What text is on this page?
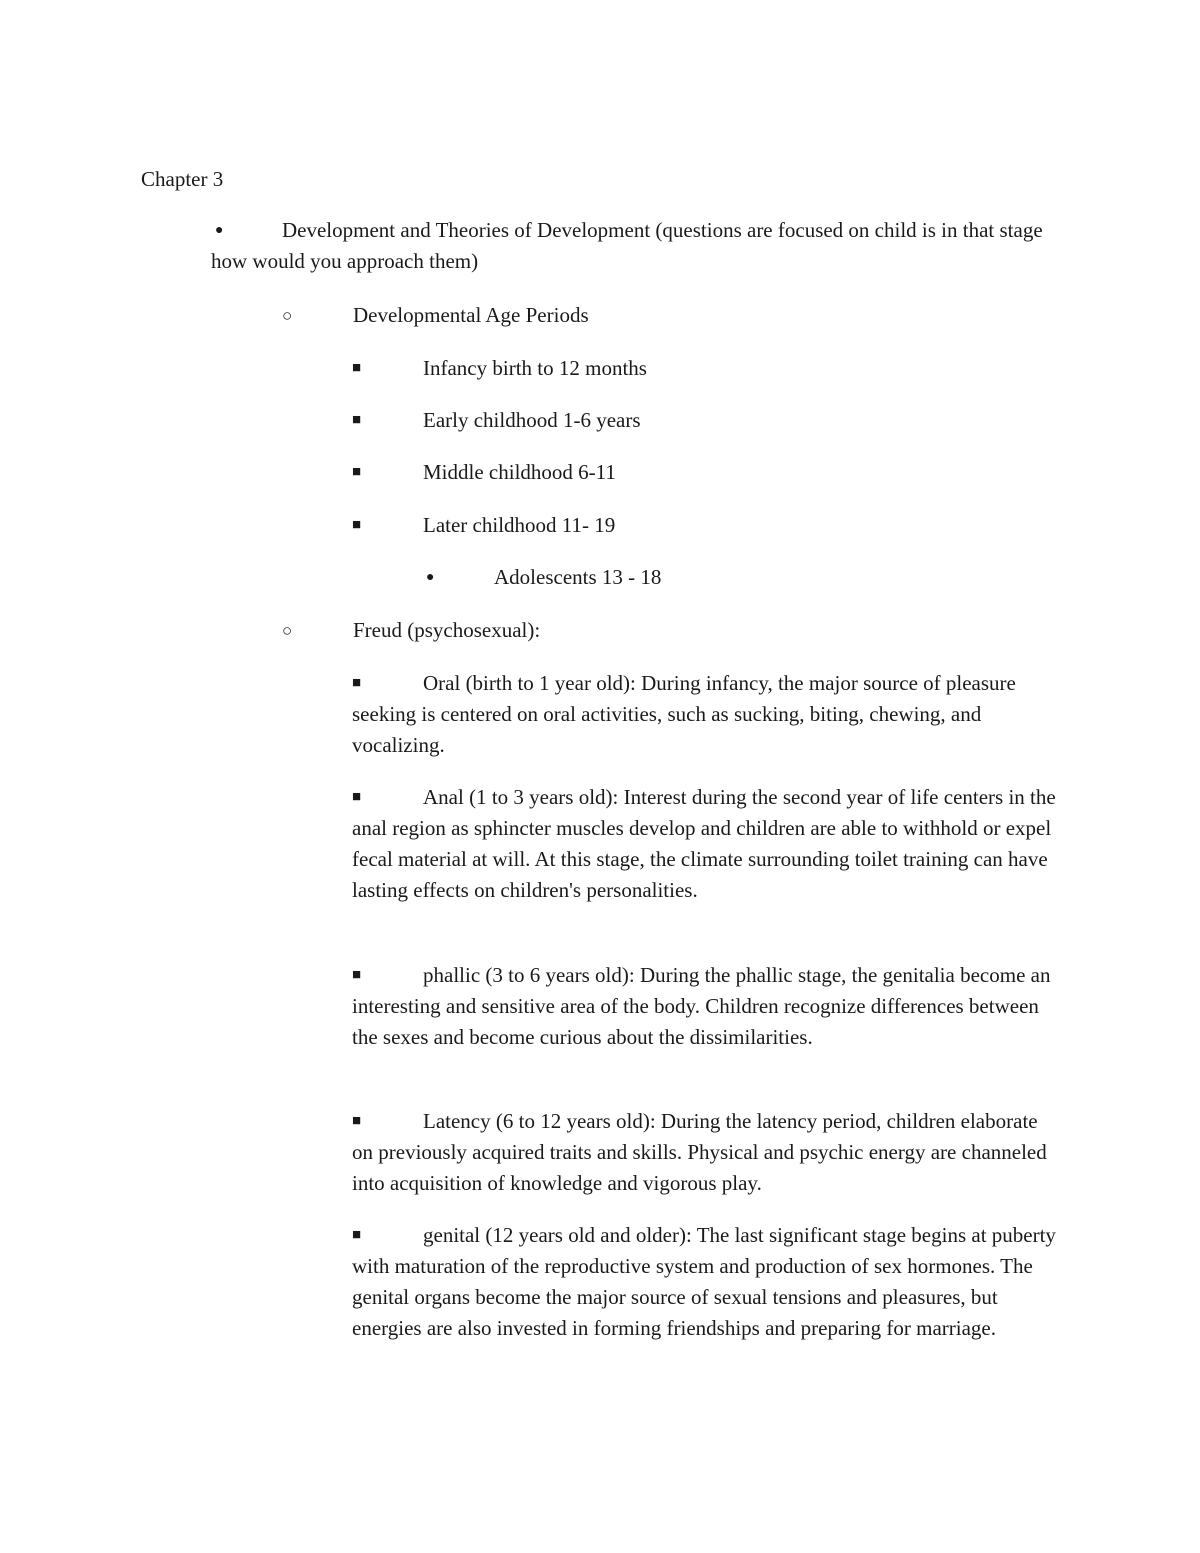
Chapter 3
●	Development and Theories of Development (questions are focused on child is in that stage how would you approach them)
○	Developmental Age Periods
■	Infancy birth to 12 months
■	Early childhood 1-6 years
■	Middle childhood 6-11
■	Later childhood 11- 19
●	Adolescents 13 - 18
○	Freud (psychosexual):
■	Oral (birth to 1 year old): During infancy, the major source of pleasure seeking is centered on oral activities, such as sucking, biting, chewing, and vocalizing.
■	Anal (1 to 3 years old): Interest during the second year of life centers in the anal region as sphincter muscles develop and children are able to withhold or expel fecal material at will. At this stage, the climate surrounding toilet training can have lasting effects on children's personalities.
■	phallic (3 to 6 years old): During the phallic stage, the genitalia become an interesting and sensitive area of the body. Children recognize differences between the sexes and become curious about the dissimilarities.
■	Latency (6 to 12 years old): During the latency period, children elaborate on previously acquired traits and skills. Physical and psychic energy are channeled into acquisition of knowledge and vigorous play.
■	genital (12 years old and older): The last significant stage begins at puberty with maturation of the reproductive system and production of sex hormones. The genital organs become the major source of sexual tensions and pleasures, but energies are also invested in forming friendships and preparing for marriage.
